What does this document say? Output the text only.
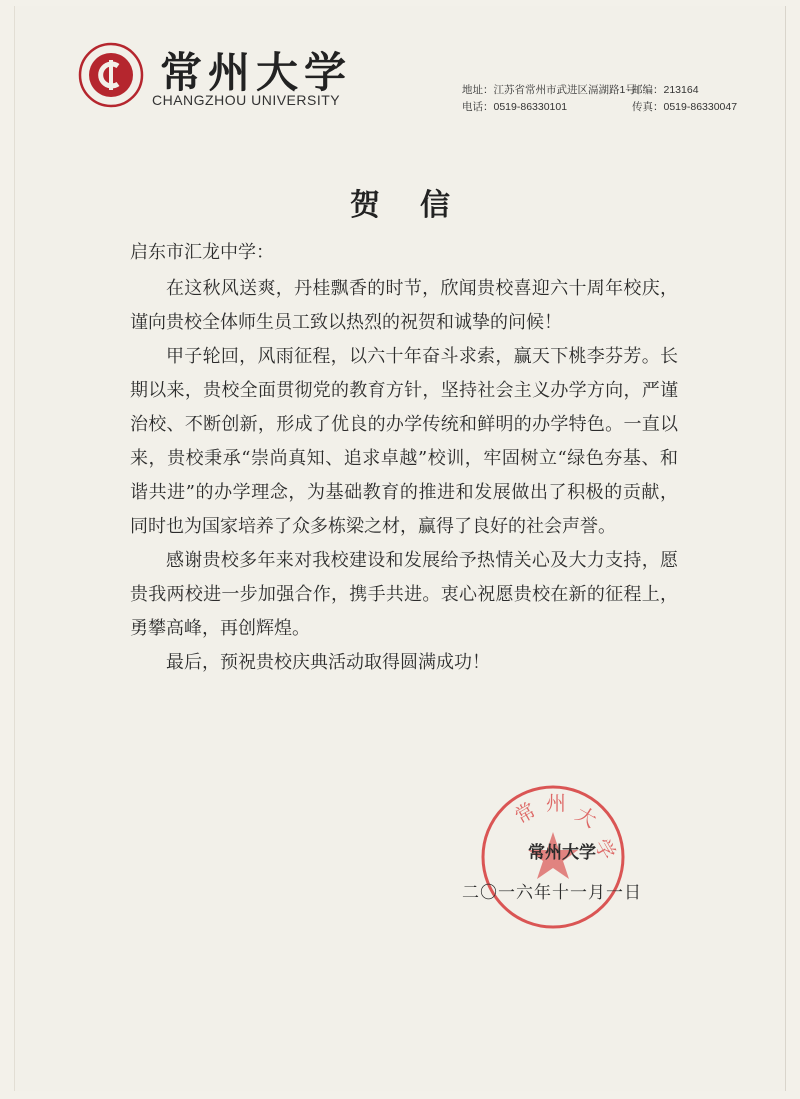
常州大学
CHANGZHOU UNIVERSITY
地址：江苏省常州市武进区滆湖路1号
邮编：213164
电话：0519-86330101	传真：0519-86330047
贺信
启东市汇龙中学：

在这秋风送爽，丹桂飘香的时节，欣闻贵校喜迎六十周年校庆，谨向贵校全体师生员工致以热烈的祝贺和诚挚的问候！

甲子轮回，风雨征程，以六十年奋斗求索，赢天下桃李芬芳。长期以来，贵校全面贯彻党的教育方针，坚持社会主义办学方向，严谨治校、不断创新，形成了优良的办学传统和鲜明的办学特色。一直以来，贵校秉承“崇尚真知、追求卓越”校训，牢固树立“绿色夯基、和谐共进”的办学理念，为基础教育的推进和发展做出了积极的贡献，同时也为国家培养了众多栋梁之材，赢得了良好的社会声誉。

感谢贵校多年来对我校建设和发展给予热情关心及大力支持，愿贵我两校进一步加强合作，携手共进。衷心祝愿贵校在新的征程上，勇攀高峰，再创辉煌。

最后，预祝贵校庆典活动取得圆满成功！

常 州 大
学
常州大学
二〇一六年十一月一日
